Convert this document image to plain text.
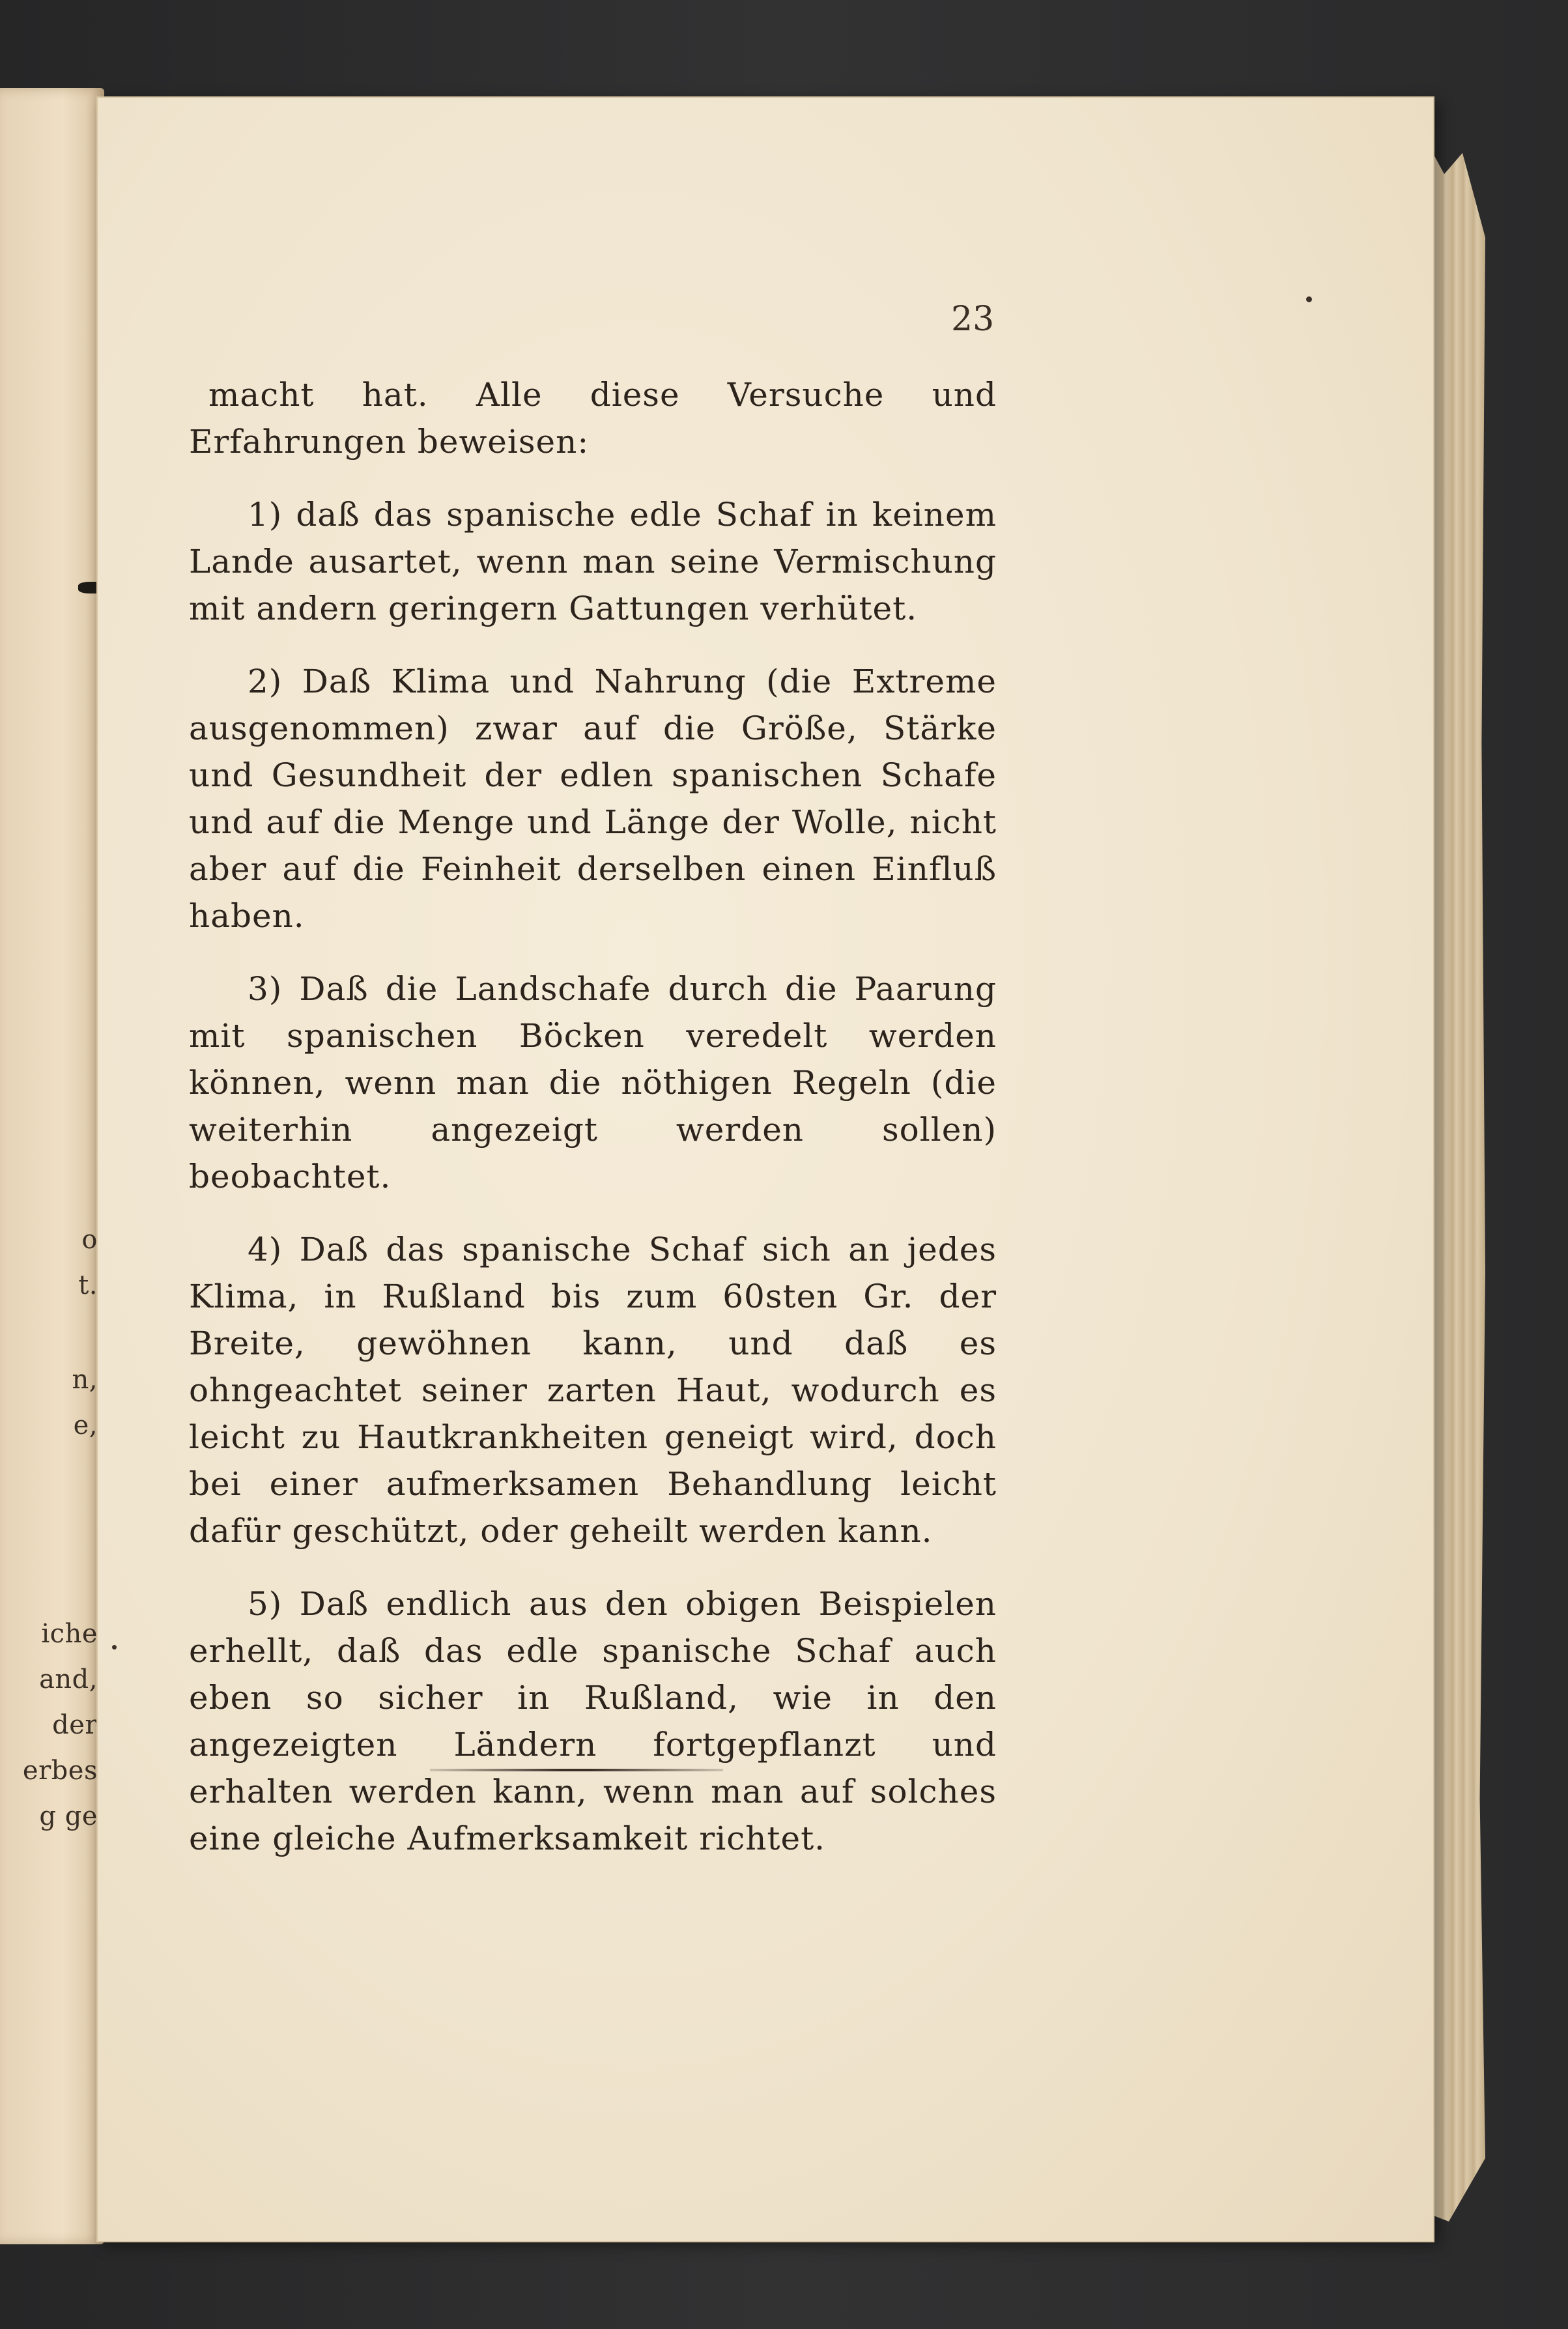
o
t.
n,
e,
iche
and,
der
erbes
g ge
23

macht hat. Alle diese Versuche und Erfahrungen beweisen:

1) daß das spanische edle Schaf in keinem Lande ausartet, wenn man seine Vermischung mit andern geringern Gattungen verhütet.

2) Daß Klima und Nahrung (die Extreme ausgenommen) zwar auf die Größe, Stärke und Gesundheit der edlen spanischen Schafe und auf die Menge und Länge der Wolle, nicht aber auf die Feinheit derselben einen Einfluß haben.

3) Daß die Landschafe durch die Paarung mit spanischen Böcken veredelt werden können, wenn man die nöthigen Regeln (die weiterhin angezeigt werden sollen) beobachtet.

4) Daß das spanische Schaf sich an jedes Klima, in Rußland bis zum 60sten Gr. der Breite, gewöhnen kann, und daß es ohngeachtet seiner zarten Haut, wodurch es leicht zu Hautkrankheiten geneigt wird, doch bei einer aufmerksamen Behandlung leicht dafür geschützt, oder geheilt werden kann.

5) Daß endlich aus den obigen Beispielen erhellt, daß das edle spanische Schaf auch eben so sicher in Rußland, wie in den angezeigten Ländern fortgepflanzt und erhalten werden kann, wenn man auf solches eine gleiche Aufmerksamkeit richtet.
